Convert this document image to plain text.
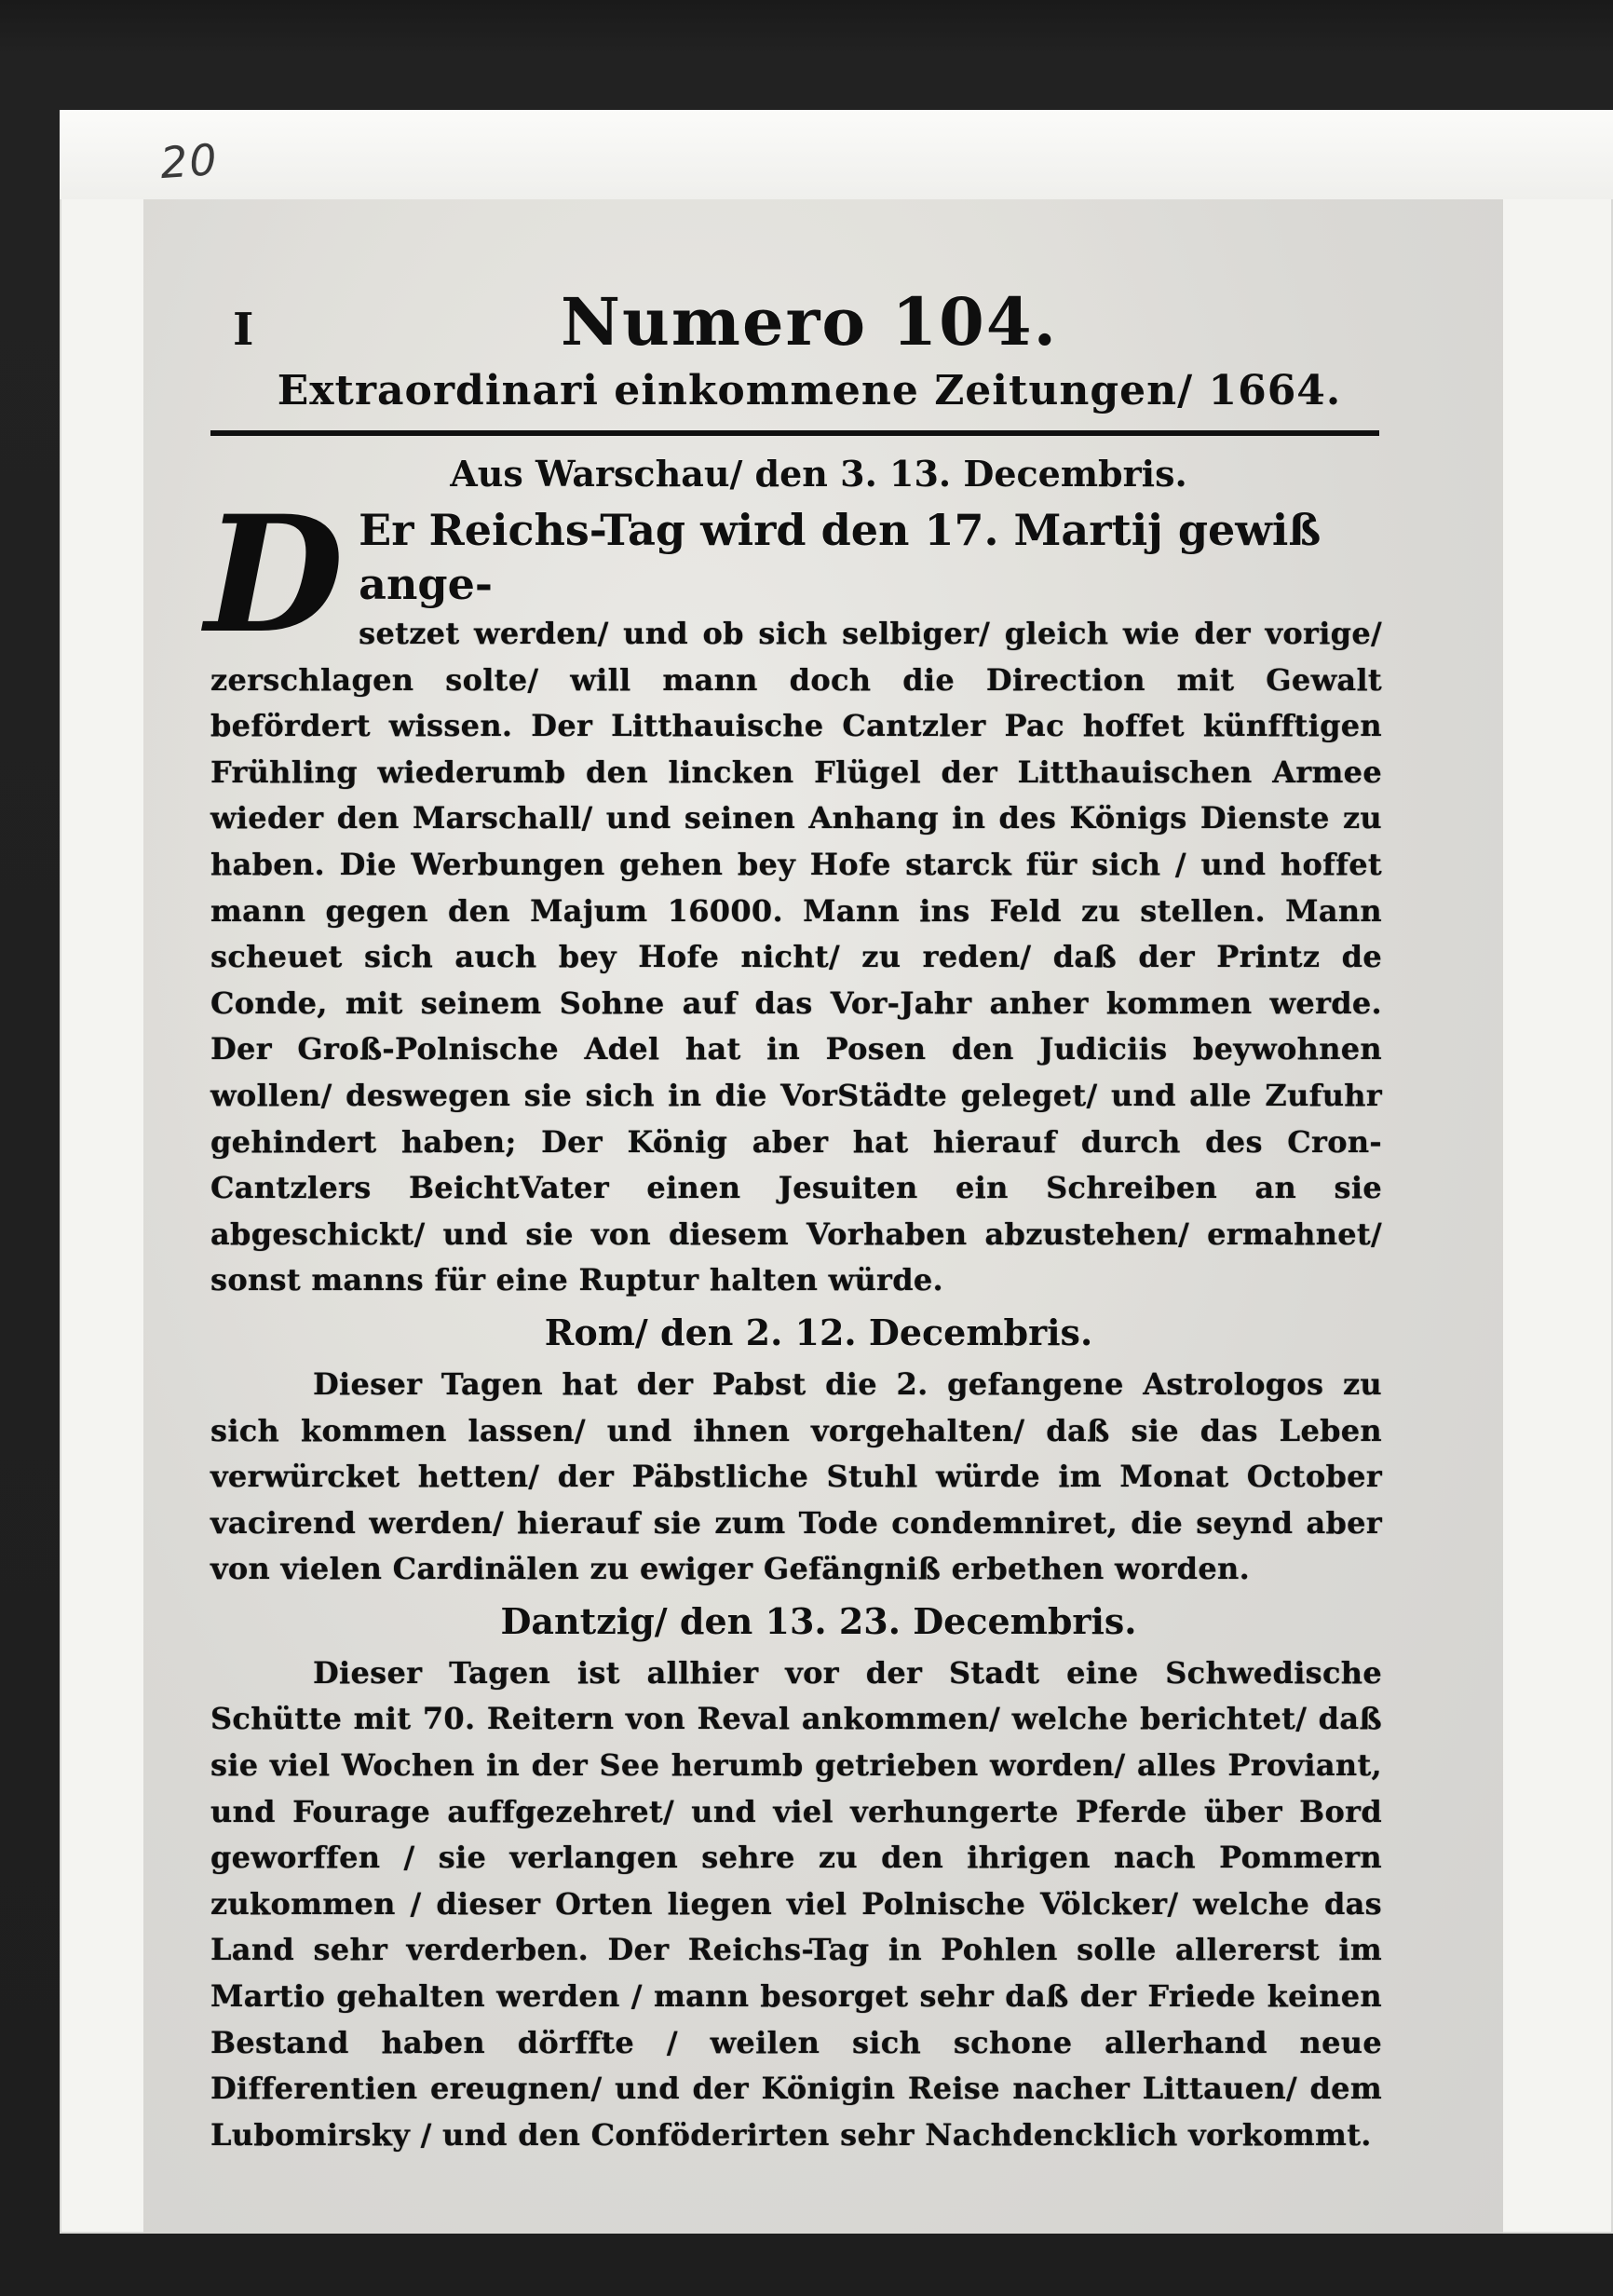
20
I	Numero 104.
Extraordinari einkommene Zeitungen/ 1664.
Aus Warschau/ den 3. 13. Decembris.
D Er Reichs-Tag wird den 17. Martij gewiß ange-
setzet werden/ und ob sich selbiger/ gleich wie der vorige/ zerschlagen solte/ will mann doch die Direction mit Gewalt befördert wissen. Der Litthauische Cantzler Pac hoffet künfftigen Frühling wiederumb den lincken Flügel der Litthauischen Armee wieder den Marschall/ und seinen Anhang in des Königs Dienste zu haben. Die Werbungen gehen bey Hofe starck für sich / und hoffet mann gegen den Majum 16000. Mann ins Feld zu stellen. Mann scheuet sich auch bey Hofe nicht/ zu reden/ daß der Printz de Conde, mit seinem Sohne auf das Vor-Jahr anher kommen werde. Der Groß-Polnische Adel hat in Posen den Judiciis beywohnen wollen/ deswegen sie sich in die VorStädte geleget/ und alle Zufuhr gehindert haben; Der König aber hat hierauf durch des Cron-Cantzlers BeichtVater einen Jesuiten ein Schreiben an sie abgeschickt/ und sie von diesem Vorhaben abzustehen/ ermahnet/ sonst manns für eine Ruptur halten würde.
Rom/ den 2. 12. Decembris.
Dieser Tagen hat der Pabst die 2. gefangene Astrologos zu sich kommen lassen/ und ihnen vorgehalten/ daß sie das Leben verwürcket hetten/ der Päbstliche Stuhl würde im Monat October vacirend werden/ hierauf sie zum Tode condemniret, die seynd aber von vielen Cardinälen zu ewiger Gefängniß erbethen worden.
Dantzig/ den 13. 23. Decembris.
Dieser Tagen ist allhier vor der Stadt eine Schwedische Schütte mit 70. Reitern von Reval ankommen/ welche berichtet/ daß sie viel Wochen in der See herumb getrieben worden/ alles Proviant, und Fourage auffgezehret/ und viel verhungerte Pferde über Bord geworffen / sie verlangen sehre zu den ihrigen nach Pommern zukommen / dieser Orten liegen viel Polnische Völcker/ welche das Land sehr verderben. Der Reichs-Tag in Pohlen solle allererst im Martio gehalten werden / mann besorget sehr daß der Friede keinen Bestand haben dörffte / weilen sich schone allerhand neue Differentien ereugnen/ und der Königin Reise nacher Littauen/ dem Lubomirsky / und den Conföderirten sehr Nachdencklich vorkommt.
